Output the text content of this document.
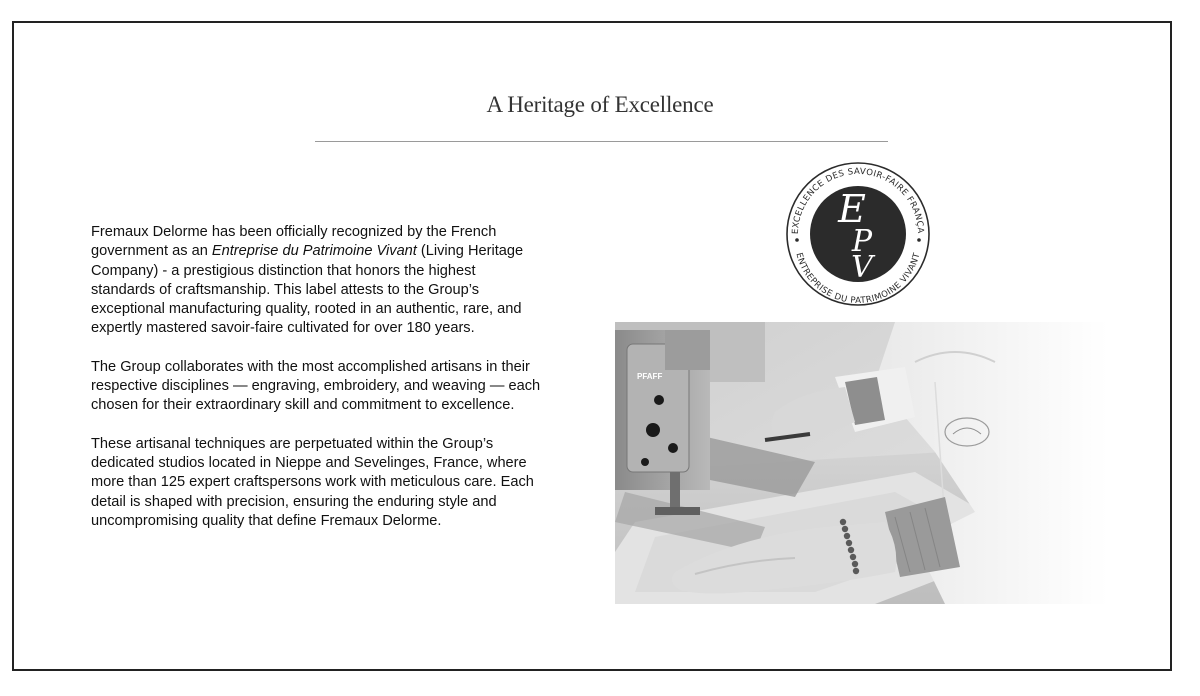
A Heritage of Excellence

Fremaux Delorme has been officially recognized by the French government as an Entreprise du Patrimoine Vivant (Living Heritage Company) - a prestigious distinction that honors the highest standards of craftsmanship. This label attests to the Group’s exceptional manufacturing quality, rooted in an authentic, rare, and expertly mastered savoir-faire cultivated for over 180 years.

The Group collaborates with the most accomplished artisans in their respective disciplines — engraving, embroidery, and weaving — each chosen for their extraordinary skill and commitment to excellence.

These artisanal techniques are perpetuated within the Group’s dedicated studios located in Nieppe and Sevelinges, France, where more than 125 expert craftspersons work with meticulous care. Each detail is shaped with precision, ensuring the enduring style and uncompromising quality that define Fremaux Delorme.

EXCELLENCE DES SAVOIR-FAIRE FRANÇA
ENTREPRISE DU PATRIMOINE VIVANT
E
P
V
PFAFF
